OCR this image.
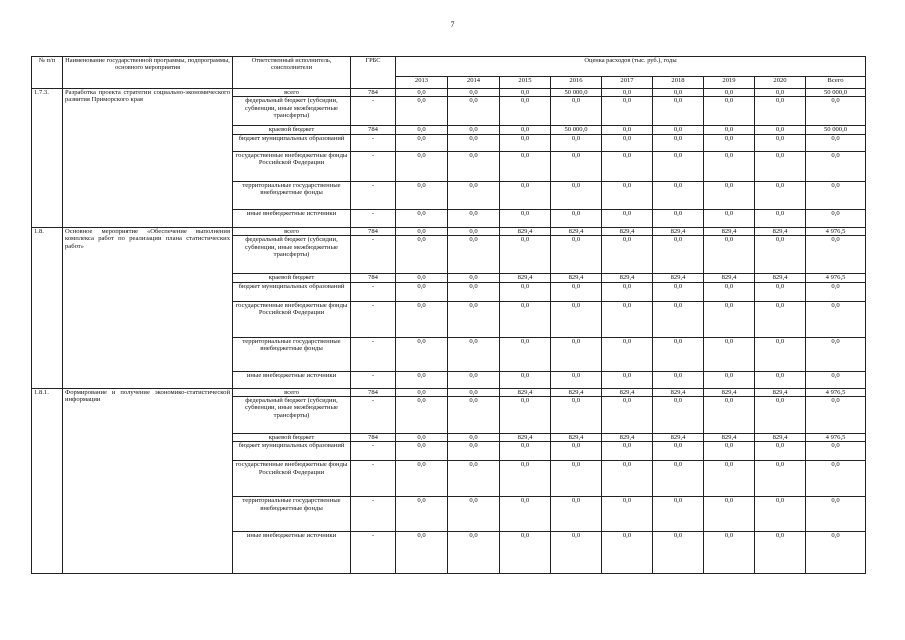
7
№ п/п	Наименование государственной программы, подпрограммы, основного мероприятия	Ответственный исполнитель, соисполнители	ГРБС	Оценка расходов (тыс. руб.), годы								
				2013	2014	2015	2016	2017	2018	2019	2020	Всего
1.7.3.	Разработка проекта стратегии социально-экономического развития Приморского края	всего	784	0,0	0,0	0,0	50 000,0	0,0	0,0	0,0	0,0	50 000,0
		федеральный бюджет (субсидии, субвенции, иные межбюджетные трансферты)	-	0,0	0,0	0,0	0,0	0,0	0,0	0,0	0,0	0,0
		краевой бюджет	784	0,0	0,0	0,0	50 000,0	0,0	0,0	0,0	0,0	50 000,0
		бюджет муниципальных образований	-	0,0	0,0	0,0	0,0	0,0	0,0	0,0	0,0	0,0
		государственные внебюджетные фонды Российской Федерации	-	0,0	0,0	0,0	0,0	0,0	0,0	0,0	0,0	0,0
		территориальные государственные внебюджетные фонды	-	0,0	0,0	0,0	0,0	0,0	0,0	0,0	0,0	0,0
		иные внебюджетные источники	-	0,0	0,0	0,0	0,0	0,0	0,0	0,0	0,0	0,0
1.8.	Основное мероприятие «Обеспечение выполнения комплекса работ по реализации плана статистических работ»	всего	784	0,0	0,0	829,4	829,4	829,4	829,4	829,4	829,4	4 976,5
		федеральный бюджет (субсидии, субвенции, иные межбюджетные трансферты)	-	0,0	0,0	0,0	0,0	0,0	0,0	0,0	0,0	0,0
		краевой бюджет	784	0,0	0,0	829,4	829,4	829,4	829,4	829,4	829,4	4 976,5
		бюджет муниципальных образований	-	0,0	0,0	0,0	0,0	0,0	0,0	0,0	0,0	0,0
		государственные внебюджетные фонды Российской Федерации	-	0,0	0,0	0,0	0,0	0,0	0,0	0,0	0,0	0,0
		территориальные государственные внебюджетные фонды	-	0,0	0,0	0,0	0,0	0,0	0,0	0,0	0,0	0,0
		иные внебюджетные источники	-	0,0	0,0	0,0	0,0	0,0	0,0	0,0	0,0	0,0
1.8.1.	Формирование и получение экономико-статистической информации	всего	784	0,0	0,0	829,4	829,4	829,4	829,4	829,4	829,4	4 976,5
		федеральный бюджет (субсидии, субвенции, иные межбюджетные трансферты)	-	0,0	0,0	0,0	0,0	0,0	0,0	0,0	0,0	0,0
		краевой бюджет	784	0,0	0,0	829,4	829,4	829,4	829,4	829,4	829,4	4 976,5
		бюджет муниципальных образований	-	0,0	0,0	0,0	0,0	0,0	0,0	0,0	0,0	0,0
		государственные внебюджетные фонды Российской Федерации	-	0,0	0,0	0,0	0,0	0,0	0,0	0,0	0,0	0,0
		территориальные государственные внебюджетные фонды	-	0,0	0,0	0,0	0,0	0,0	0,0	0,0	0,0	0,0
		иные внебюджетные источники	-	0,0	0,0	0,0	0,0	0,0	0,0	0,0	0,0	0,0
